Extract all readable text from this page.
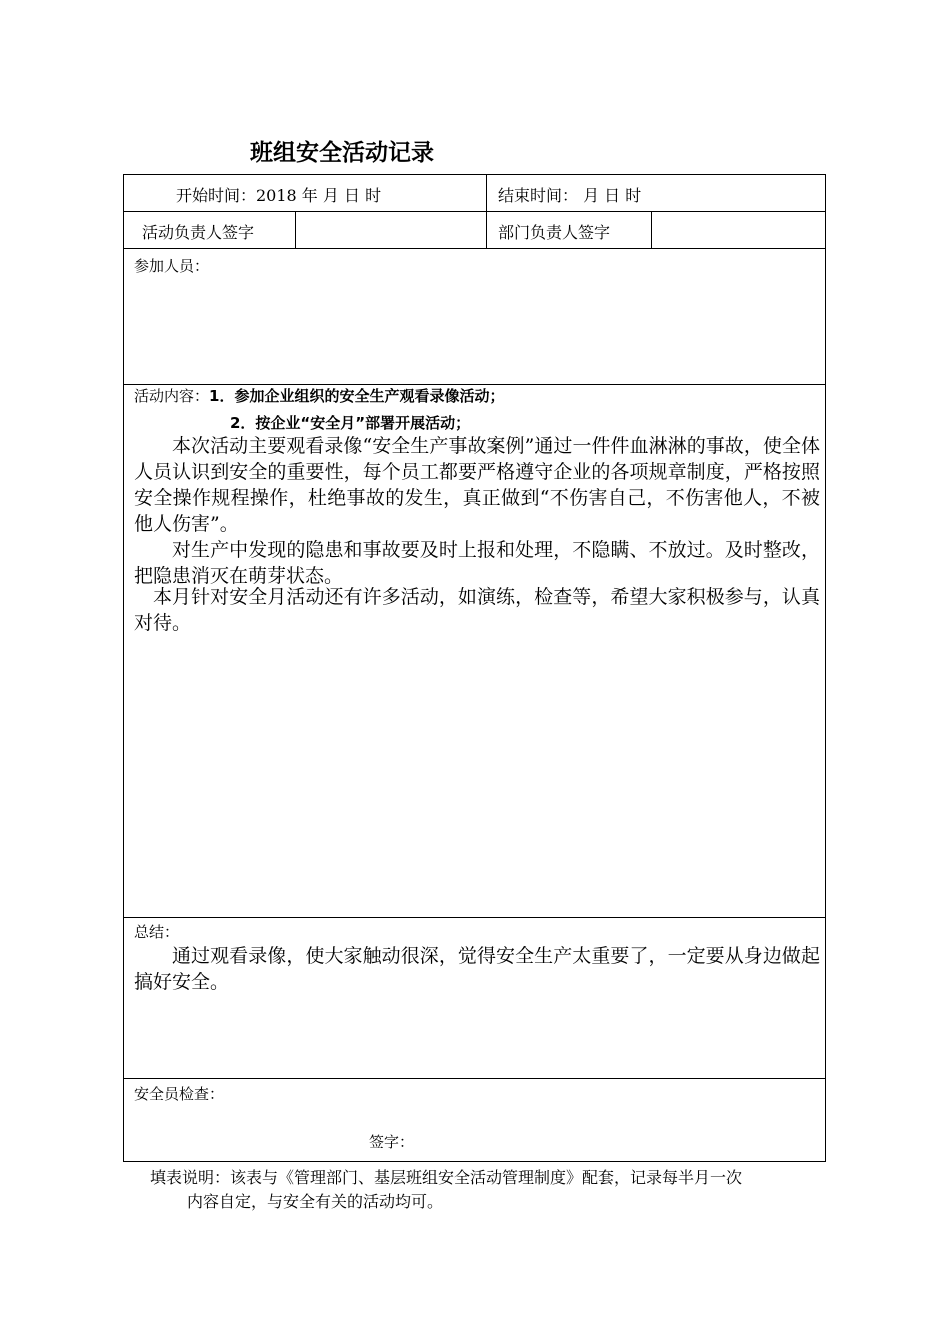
班组安全活动记录
开始时间：2018 年 月 日 时	结束时间： 月 日 时
活动负责人签字	部门负责人签字
参加人员：
活动内容：1．参加企业组织的安全生产观看录像活动；
2．按企业“安全月”部署开展活动；
本次活动主要观看录像“安全生产事故案例”通过一件件血淋淋的事故，使全体人员认识到安全的重要性，每个员工都要严格遵守企业的各项规章制度，严格按照安全操作规程操作，杜绝事故的发生，真正做到“不伤害自己，不伤害他人，不被他人伤害”。
对生产中发现的隐患和事故要及时上报和处理，不隐瞒、不放过。及时整改，把隐患消灭在萌芽状态。
本月针对安全月活动还有许多活动，如演练，检查等，希望大家积极参与，认真对待。
总结：
通过观看录像，使大家触动很深，觉得安全生产太重要了，一定要从身边做起搞好安全。
安全员检查：
签字：
填表说明：该表与《管理部门、基层班组安全活动管理制度》配套，记录每半月一次
内容自定，与安全有关的活动均可。
